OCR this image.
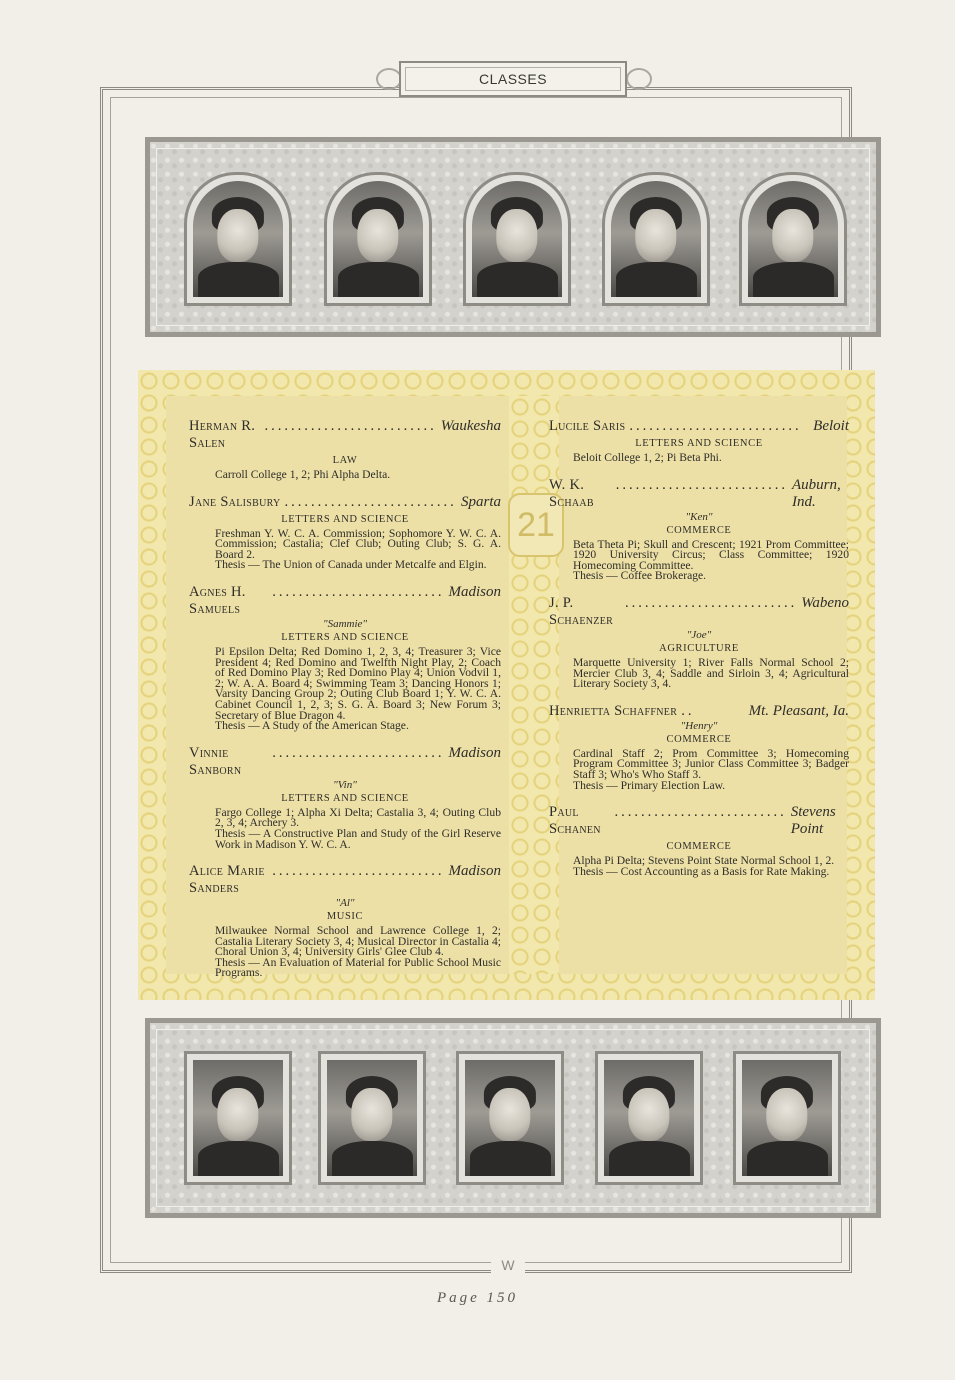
CLASSES
21
Herman R. Salen
.......................... Waukesha
LAW

Carroll College 1, 2; Phi Alpha Delta.

Jane Salisbury .......................... Sparta
LETTERS AND SCIENCE

Freshman Y. W. C. A. Commission; Sophomore Y. W. C. A. Commission; Castalia; Clef Club; Outing Club; S. G. A. Board 2.

Thesis — The Union of Canada under Metcalfe and Elgin.

Agnes H. Samuels
.......................... Madison
"Sammie"
LETTERS AND SCIENCE

Pi Epsilon Delta; Red Domino 1, 2, 3, 4; Treasurer 3; Vice President 4; Red Domino and Twelfth Night Play, 2; Coach of Red Domino Play 3; Red Domino Play 4; Union Vodvil 1, 2; W. A. A. Board 4; Swimming Team 3; Dancing Honors 1; Varsity Dancing Group 2; Outing Club Board 1; Y. W. C. A. Cabinet Council 1, 2, 3; S. G. A. Board 3; New Forum 3; Secretary of Blue Dragon 4.

Thesis — A Study of the American Stage.

Vinnie Sanborn
.......................... Madison
"Vin"
LETTERS AND SCIENCE

Fargo College 1; Alpha Xi Delta; Castalia 3, 4; Outing Club 2, 3, 4; Archery 3.

Thesis — A Constructive Plan and Study of the Girl Reserve Work in Madison Y. W. C. A.

Alice Marie Sanders
.......................... Madison
"Al"
MUSIC

Milwaukee Normal School and Lawrence College 1, 2; Castalia Literary Society 3, 4; Musical Director in Castalia 4; Choral Union 3, 4; University Girls' Glee Club 4.

Thesis — An Evaluation of Material for Public School Music Programs.

Lucile Saris .......................... Beloit
LETTERS AND SCIENCE

Beloit College 1, 2; Pi Beta Phi.

W. K. Schaab
.......................... Auburn, Ind.
"Ken"
COMMERCE

Beta Theta Pi; Skull and Crescent; 1921 Prom Committee; 1920 University Circus; Class Committee; 1920 Homecoming Committee.

Thesis — Coffee Brokerage.

J. P. Schaenzer
.......................... Wabeno
"Joe"
AGRICULTURE

Marquette University 1; River Falls Normal School 2; Mercier Club 3, 4; Saddle and Sirloin 3, 4; Agricultural Literary Society 3, 4.

Henrietta Schaffner ..	Mt. Pleasant, Ia.
"Henry"
COMMERCE

Cardinal Staff 2; Prom Committee 3; Homecoming Program Committee 3; Junior Class Committee 3; Badger Staff 3; Who's Who Staff 3.

Thesis — Primary Election Law.

Paul Schanen
.......................... Stevens Point
COMMERCE

Alpha Pi Delta; Stevens Point State Normal School 1, 2.

Thesis — Cost Accounting as a Basis for Rate Making.

W
Page 150
